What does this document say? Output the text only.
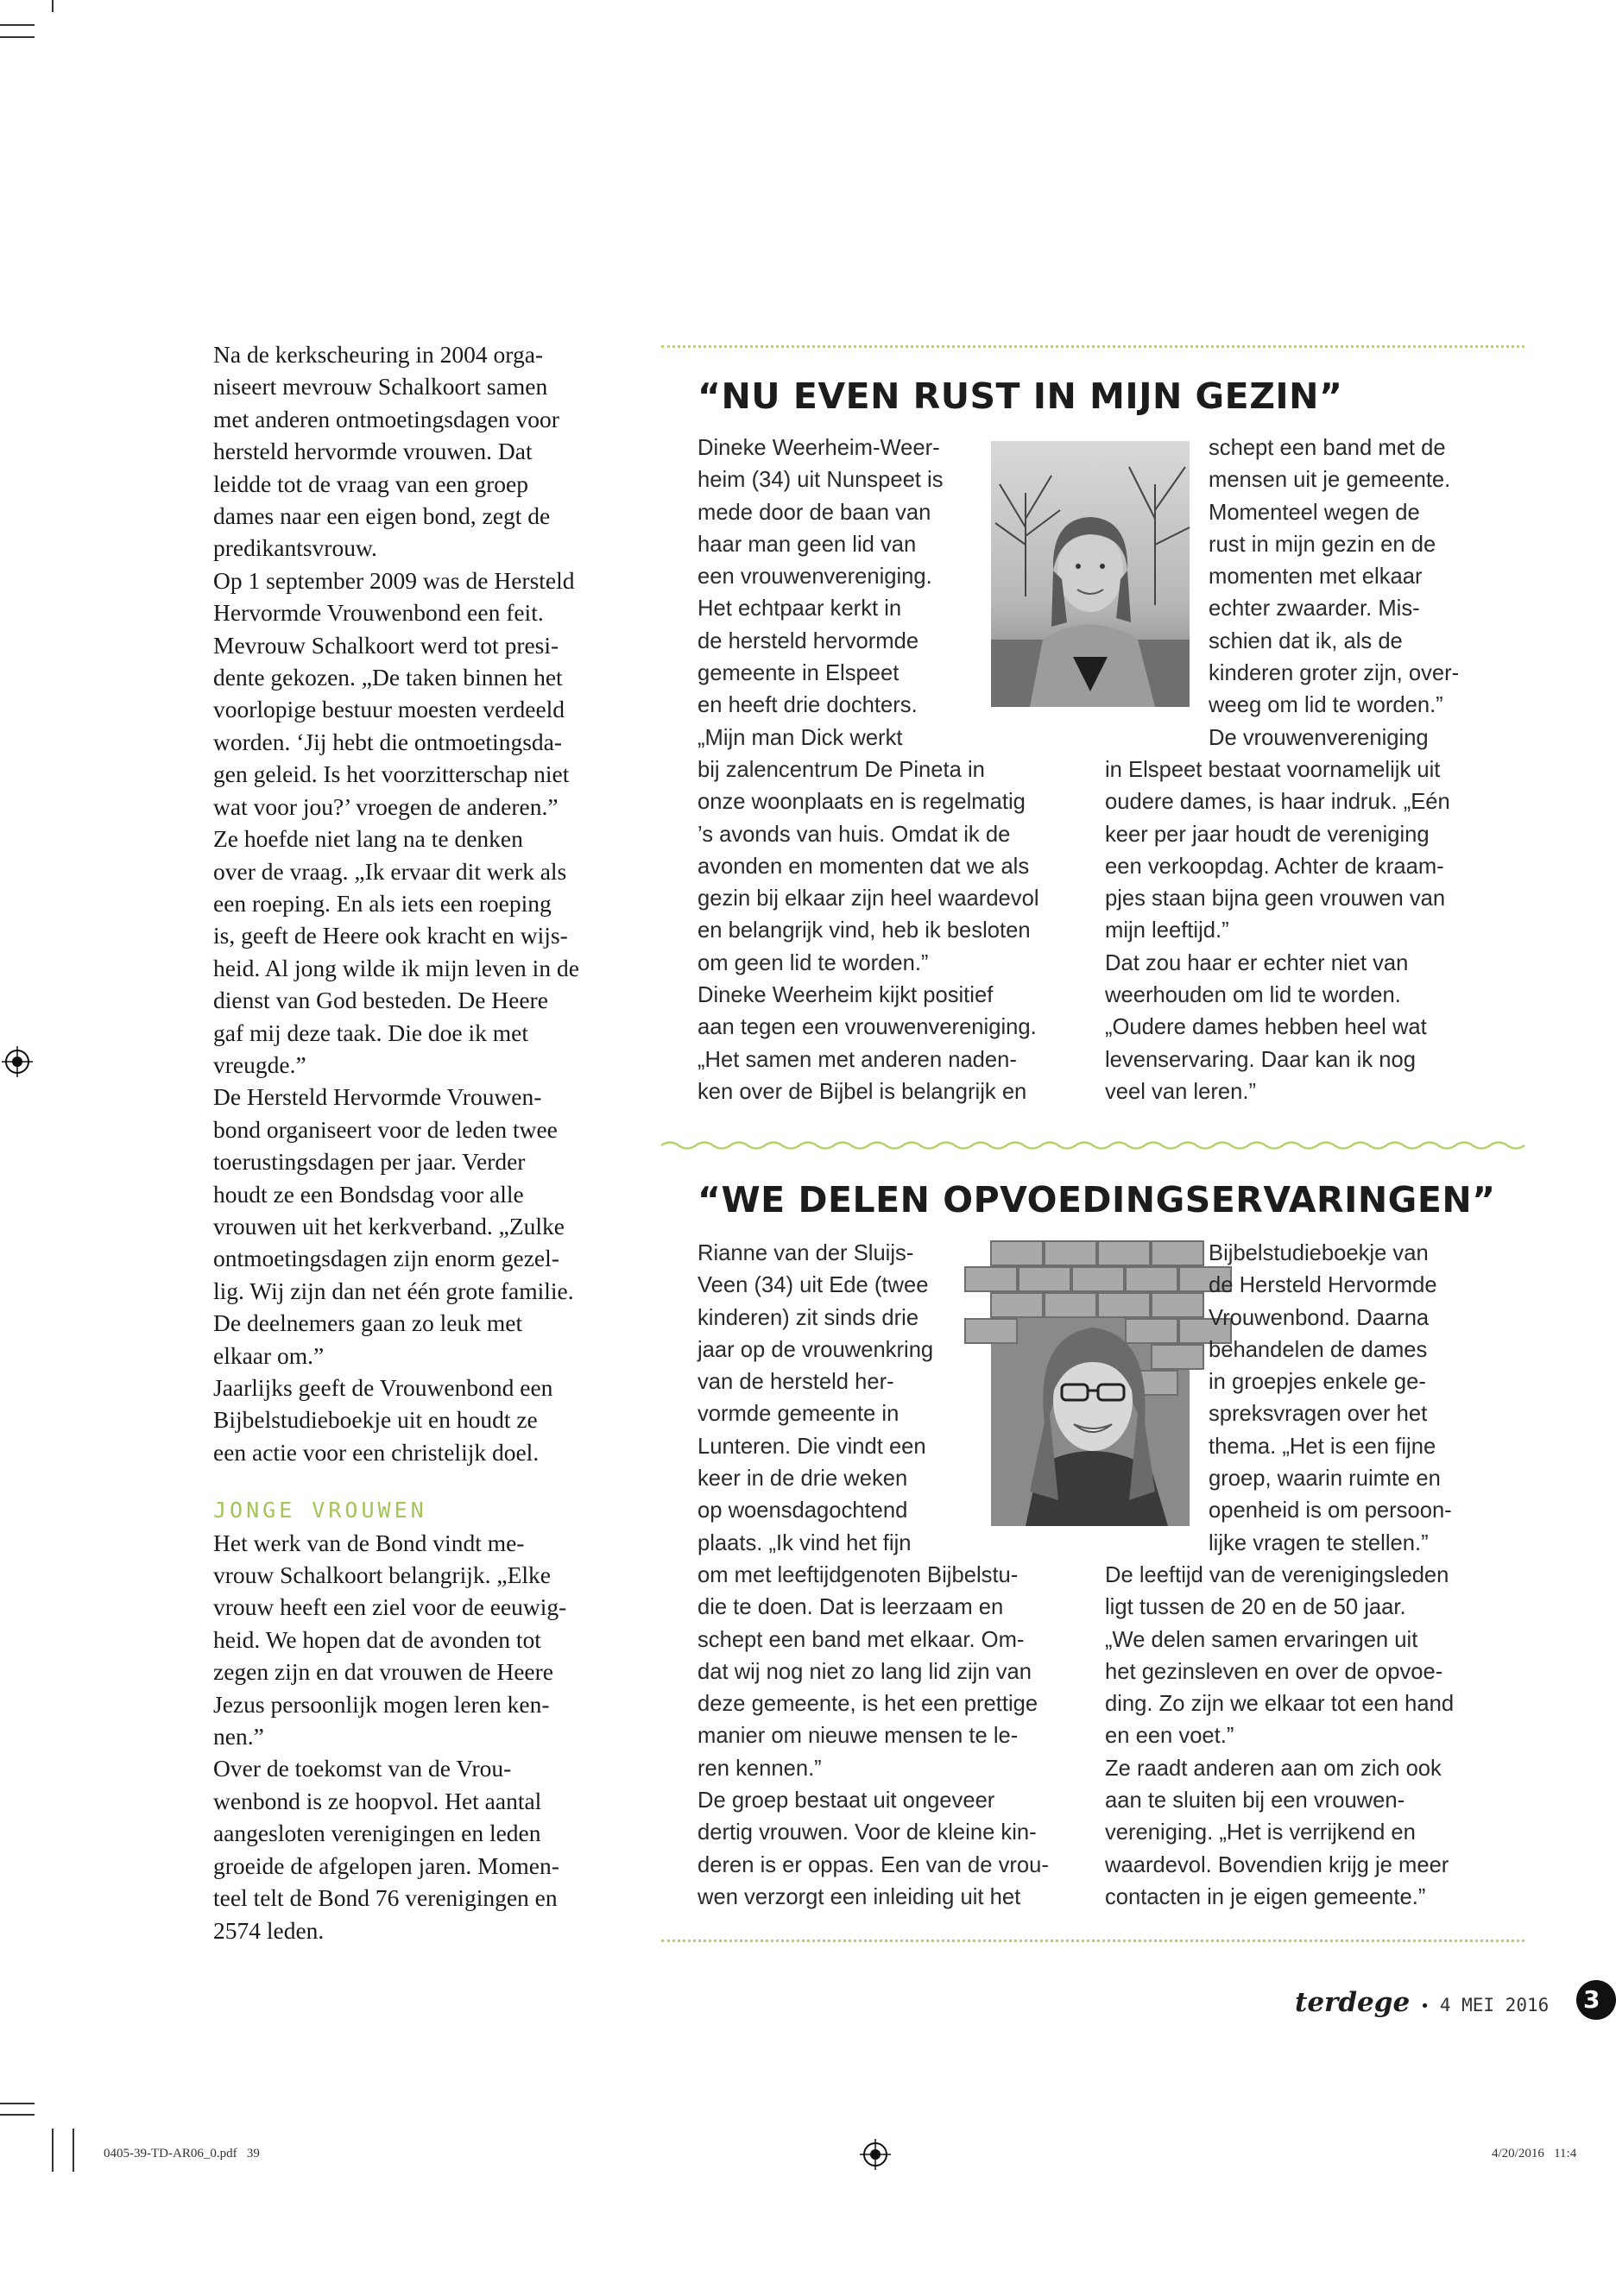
Na de kerkscheuring in 2004 orga-
niseert mevrouw Schalkoort samen
met anderen ontmoetingsdagen voor
hersteld hervormde vrouwen. Dat
leidde tot de vraag van een groep
dames naar een eigen bond, zegt de
predikantsvrouw.

Op 1 september 2009 was de Hersteld
Hervormde Vrouwenbond een feit.
Mevrouw Schalkoort werd tot presi-
dente gekozen. „De taken binnen het
voorlopige bestuur moesten verdeeld
worden. ‘Jij hebt die ontmoetingsda-
gen geleid. Is het voorzitterschap niet
wat voor jou?’ vroegen de anderen.”
Ze hoefde niet lang na te denken
over de vraag. „Ik ervaar dit werk als
een roeping. En als iets een roeping
is, geeft de Heere ook kracht en wijs-
heid. Al jong wilde ik mijn leven in de
dienst van God besteden. De Heere
gaf mij deze taak. Die doe ik met
vreugde.”

De Hersteld Hervormde Vrouwen-
bond organiseert voor de leden twee
toerustingsdagen per jaar. Verder
houdt ze een Bondsdag voor alle
vrouwen uit het kerkverband. „Zulke
ontmoetingsdagen zijn enorm gezel-
lig. Wij zijn dan net één grote familie.
De deelnemers gaan zo leuk met
elkaar om.”

Jaarlijks geeft de Vrouwenbond een
Bijbelstudieboekje uit en houdt ze
een actie voor een christelijk doel.

JONGE VROUWEN

Het werk van de Bond vindt me-
vrouw Schalkoort belangrijk. „Elke
vrouw heeft een ziel voor de eeuwig-
heid. We hopen dat de avonden tot
zegen zijn en dat vrouwen de Heere
Jezus persoonlijk mogen leren ken-
nen.”

Over de toekomst van de Vrou-
wenbond is ze hoopvol. Het aantal
aangesloten verenigingen en leden
groeide de afgelopen jaren. Momen-
teel telt de Bond 76 verenigingen en
2574 leden.

“NU EVEN RUST IN MIJN GEZIN”
Dineke Weerheim-Weer-
heim (34) uit Nunspeet is
mede door de baan van
haar man geen lid van
een vrouwenvereniging.
Het echtpaar kerkt in
de hersteld hervormde
gemeente in Elspeet
en heeft drie dochters.
„Mijn man Dick werkt
bij zalencentrum De Pineta in
onze woonplaats en is regelmatig
’s avonds van huis. Omdat ik de
avonden en momenten dat we als
gezin bij elkaar zijn heel waardevol
en belangrijk vind, heb ik besloten
om geen lid te worden.”
Dineke Weerheim kijkt positief
aan tegen een vrouwenvereniging.
„Het samen met anderen naden-
ken over de Bijbel is belangrijk en
schept een band met de
mensen uit je gemeente.
Momenteel wegen de
rust in mijn gezin en de
momenten met elkaar
echter zwaarder. Mis-
schien dat ik, als de
kinderen groter zijn, over-
weeg om lid te worden.”
De vrouwenvereniging
in Elspeet bestaat voornamelijk uit
oudere dames, is haar indruk. „Eén
keer per jaar houdt de vereniging
een verkoopdag. Achter de kraam-
pjes staan bijna geen vrouwen van
mijn leeftijd.”
Dat zou haar er echter niet van
weerhouden om lid te worden.
„Oudere dames hebben heel wat
levenservaring. Daar kan ik nog
veel van leren.”
“WE DELEN OPVOEDINGSERVARINGEN”
Rianne van der Sluijs-
Veen (34) uit Ede (twee
kinderen) zit sinds drie
jaar op de vrouwenkring
van de hersteld her-
vormde gemeente in
Lunteren. Die vindt een
keer in de drie weken
op woensdagochtend
plaats. „Ik vind het fijn
om met leeftijdgenoten Bijbelstu-
die te doen. Dat is leerzaam en
schept een band met elkaar. Om-
dat wij nog niet zo lang lid zijn van
deze gemeente, is het een prettige
manier om nieuwe mensen te le-
ren kennen.”
De groep bestaat uit ongeveer
dertig vrouwen. Voor de kleine kin-
deren is er oppas. Een van de vrou-
wen verzorgt een inleiding uit het
Bijbelstudieboekje van
de Hersteld Hervormde
Vrouwenbond. Daarna
behandelen de dames
in groepjes enkele ge-
spreksvragen over het
thema. „Het is een fijne
groep, waarin ruimte en
openheid is om persoon-
lijke vragen te stellen.”
De leeftijd van de verenigingsleden
ligt tussen de 20 en de 50 jaar.
„We delen samen ervaringen uit
het gezinsleven en over de opvoe-
ding. Zo zijn we elkaar tot een hand
en een voet.”
Ze raadt anderen aan om zich ook
aan te sluiten bij een vrouwen-
vereniging. „Het is verrijkend en
waardevol. Bovendien krijg je meer
contacten in je eigen gemeente.”
terdege • 4 MEI 2016	3
0405-39-TD-AR06_0.pdf   39	4/20/2016   11:4
